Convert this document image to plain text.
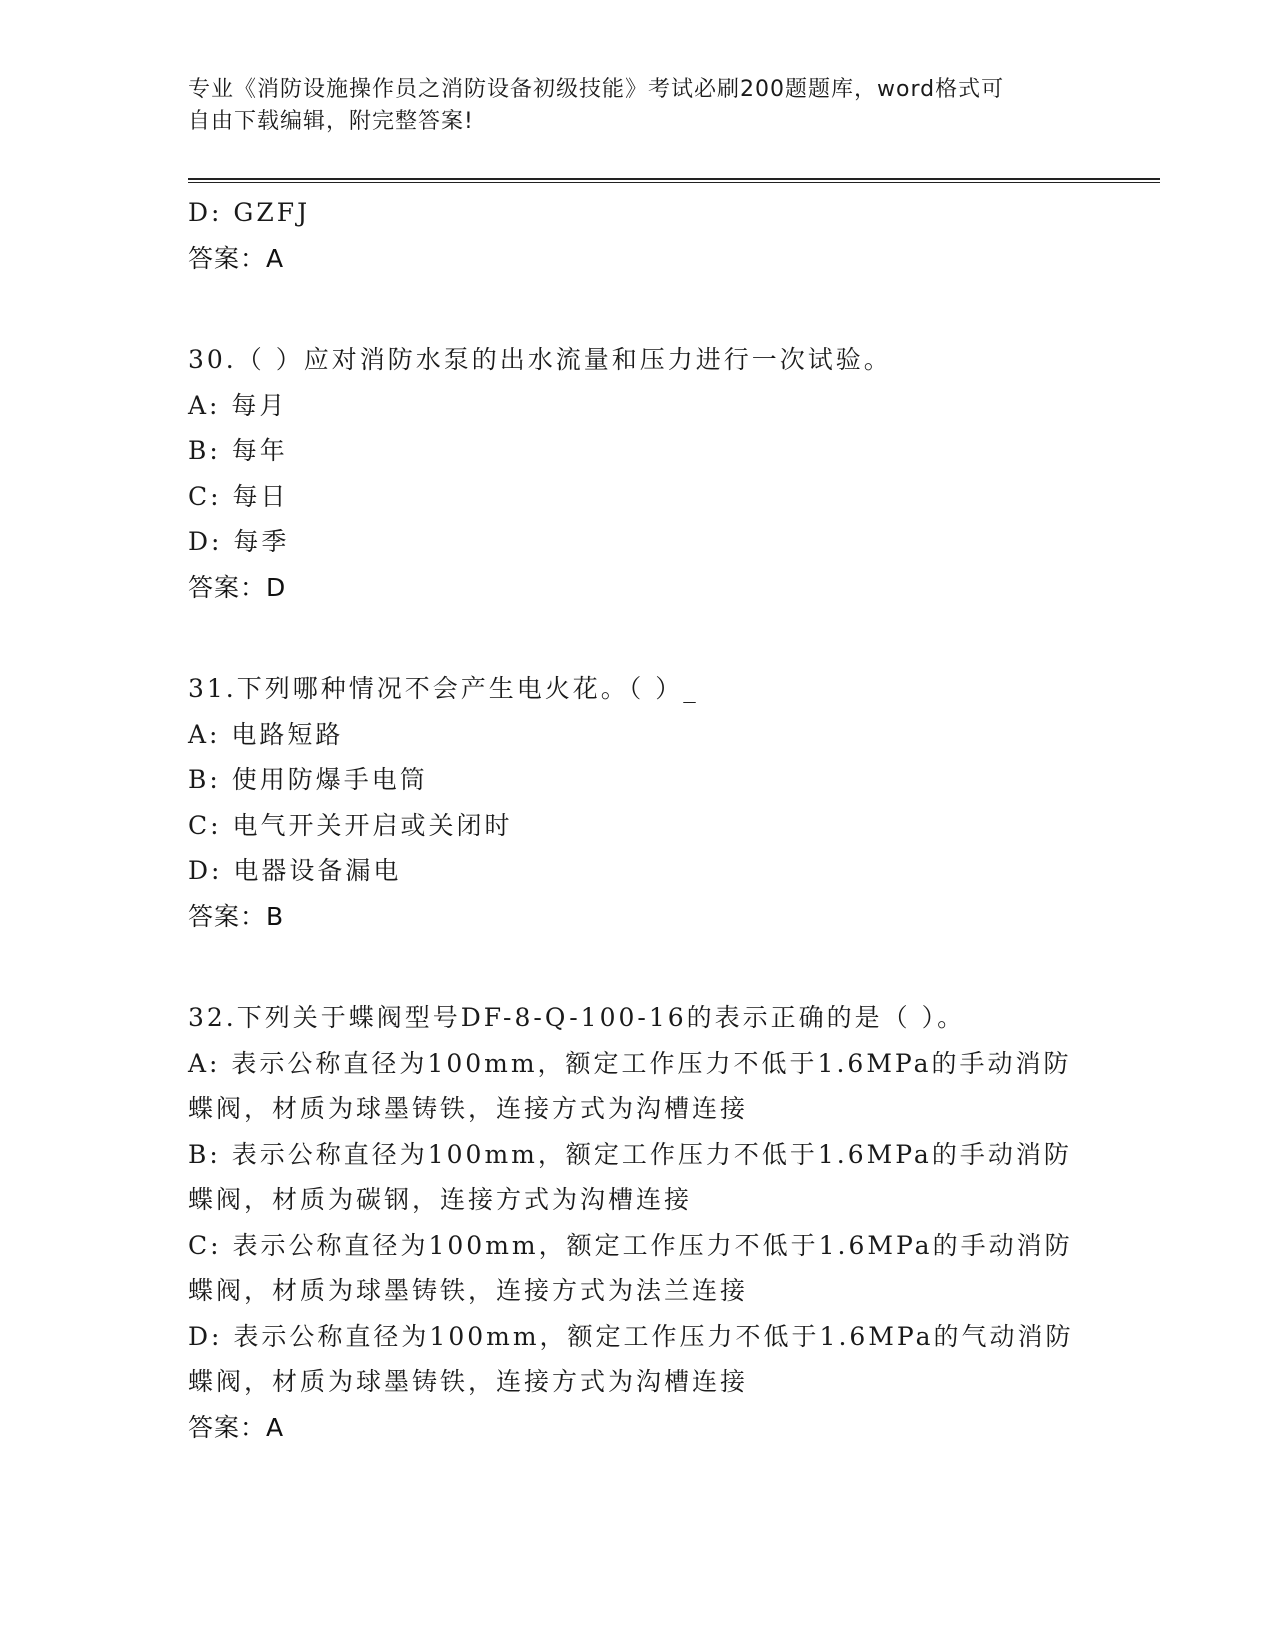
专业《消防设施操作员之消防设备初级技能》考试必刷200题题库，word格式可
自由下载编辑，附完整答案!
D: GZFJ
答案：A
30.（ ）应对消防水泵的出水流量和压力进行一次试验。
A: 每月
B: 每年
C: 每日
D: 每季
答案：D
31.下列哪种情况不会产生电火花。（ ）_
A: 电路短路
B: 使用防爆手电筒
C: 电气开关开启或关闭时
D: 电器设备漏电
答案：B
32.下列关于蝶阀型号DF-8-Q-100-16的表示正确的是（ ）。
A: 表示公称直径为100mm，额定工作压力不低于1.6MPa的手动消防蝶阀，材质为球墨铸铁，连接方式为沟槽连接
B: 表示公称直径为100mm，额定工作压力不低于1.6MPa的手动消防蝶阀，材质为碳钢，连接方式为沟槽连接
C: 表示公称直径为100mm，额定工作压力不低于1.6MPa的手动消防蝶阀，材质为球墨铸铁，连接方式为法兰连接
D: 表示公称直径为100mm，额定工作压力不低于1.6MPa的气动消防蝶阀，材质为球墨铸铁，连接方式为沟槽连接
答案：A
